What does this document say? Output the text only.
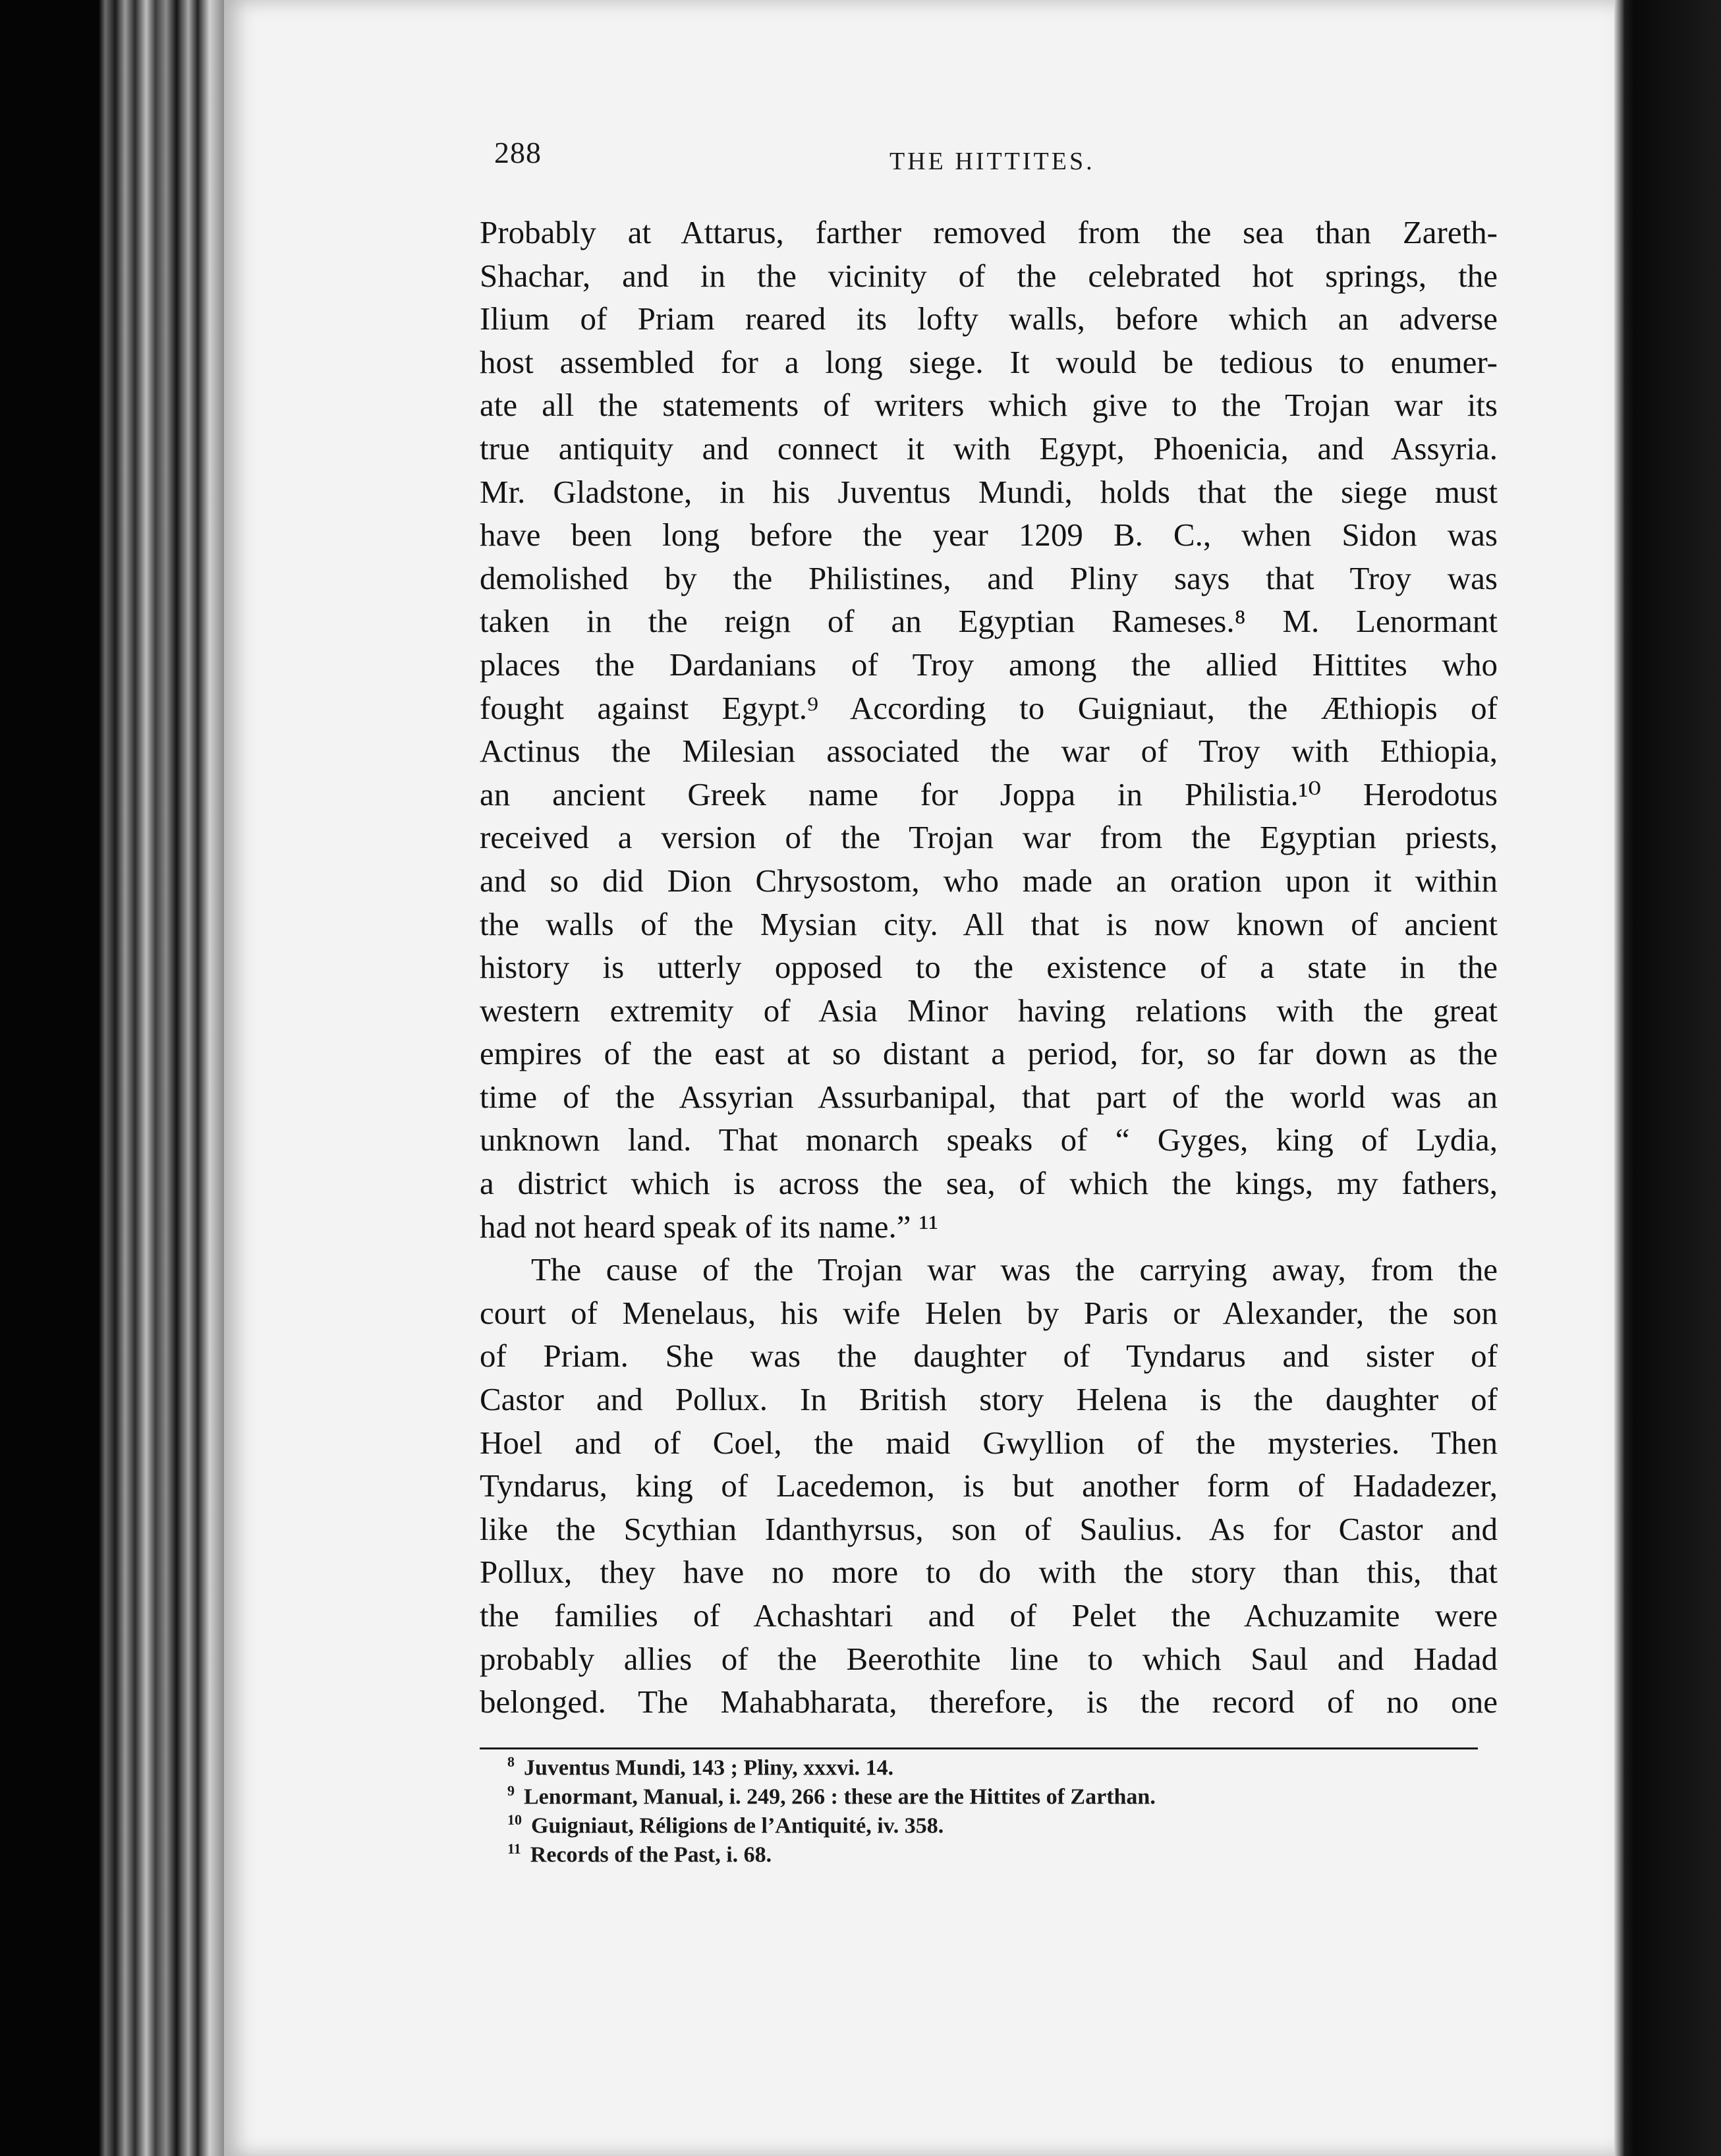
288	THE HITTITES.
Probably at Attarus, farther removed from the sea than Zareth-
Shachar, and in the vicinity of the celebrated hot springs, the
Ilium of Priam reared its lofty walls, before which an adverse
host assembled for a long siege. It would be tedious to enumer-
ate all the statements of writers which give to the Trojan war its
true antiquity and connect it with Egypt, Phoenicia, and Assyria.
Mr. Gladstone, in his Juventus Mundi, holds that the siege must
have been long before the year 1209 B. C., when Sidon was
demolished by the Philistines, and Pliny says that Troy was
taken in the reign of an Egyptian Rameses.⁸ M. Lenormant
places the Dardanians of Troy among the allied Hittites who
fought against Egypt.⁹ According to Guigniaut, the Æthiopis of
Actinus the Milesian associated the war of Troy with Ethiopia,
an ancient Greek name for Joppa in Philistia.¹⁰ Herodotus
received a version of the Trojan war from the Egyptian priests,
and so did Dion Chrysostom, who made an oration upon it within
the walls of the Mysian city. All that is now known of ancient
history is utterly opposed to the existence of a state in the
western extremity of Asia Minor having relations with the great
empires of the east at so distant a period, for, so far down as the
time of the Assyrian Assurbanipal, that part of the world was an
unknown land. That monarch speaks of “ Gyges, king of Lydia,
a district which is across the sea, of which the kings, my fathers,
had not heard speak of its name.” ¹¹
The cause of the Trojan war was the carrying away, from the
court of Menelaus, his wife Helen by Paris or Alexander, the son
of Priam. She was the daughter of Tyndarus and sister of
Castor and Pollux. In British story Helena is the daughter of
Hoel and of Coel, the maid Gwyllion of the mysteries. Then
Tyndarus, king of Lacedemon, is but another form of Hadadezer,
like the Scythian Idanthyrsus, son of Saulius. As for Castor and
Pollux, they have no more to do with the story than this, that
the families of Achashtari and of Pelet the Achuzamite were
probably allies of the Beerothite line to which Saul and Hadad
belonged. The Mahabharata, therefore, is the record of no one
$^8$ Juventus Mundi, 143 ; Pliny, xxxvi. 14.
$^9$ Lenormant, Manual, i. 249, 266 : these are the Hittites of Zarthan.
$^{10}$ Guigniaut, Réligions de l’Antiquité, iv. 358.
$^{11}$ Records of the Past, i. 68.
